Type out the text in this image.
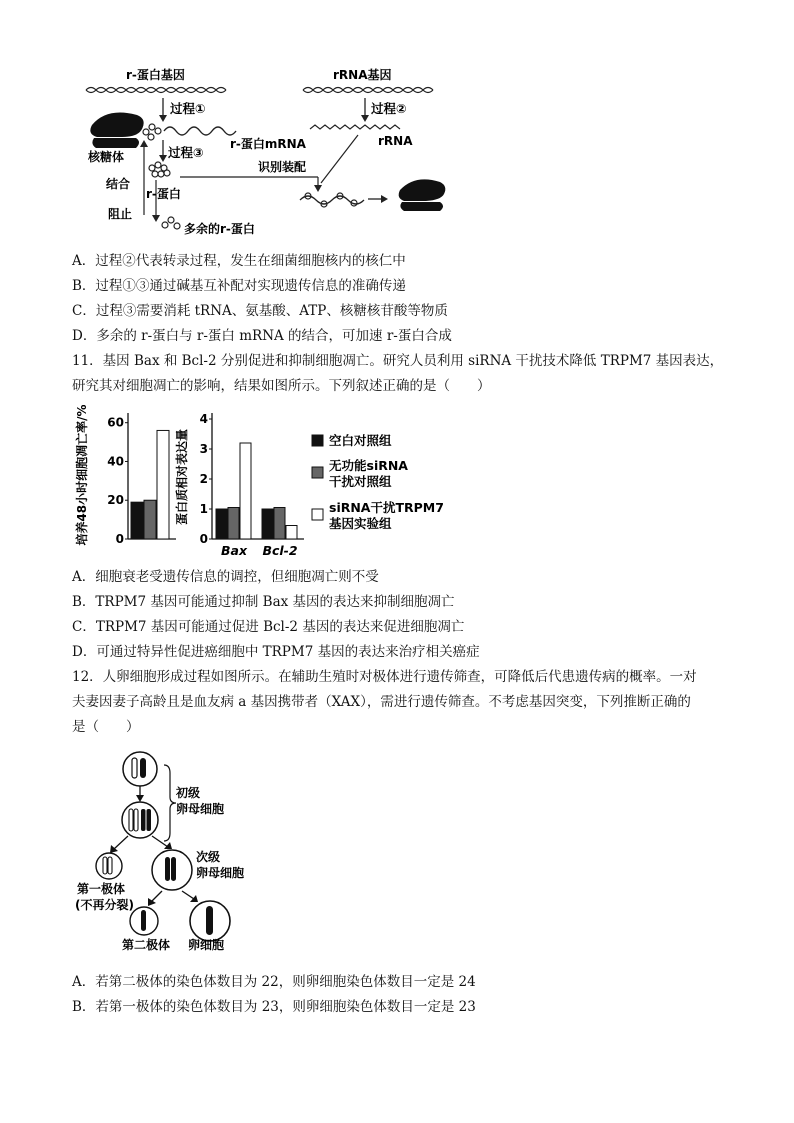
r-蛋白基因	rRNA基因
过程①	过程②
核糖体
r-蛋白mRNA	rRNA
过程③
识别装配
结合
r-蛋白
阻止
多余的r-蛋白
A．过程②代表转录过程，发生在细菌细胞核内的核仁中
B．过程①③通过碱基互补配对实现遗传信息的准确传递
C．过程③需要消耗 tRNA、氨基酸、ATP、核糖核苷酸等物质
D．多余的 r-蛋白与 r-蛋白 mRNA 的结合，可加速 r-蛋白合成
11．基因 Bax 和 Bcl-2 分别促进和抑制细胞凋亡。研究人员利用 siRNA 干扰技术降低 TRPM7 基因表达，
研究其对细胞凋亡的影响，结果如图所示。下列叙述正确的是（　　）
0
20
40
60
培养48小时细胞凋亡率/%	0
1
2
3
4
Bax Bcl-2
蛋白质相对表达量	空白对照组
无功能siRNA
干扰对照组
siRNA干扰TRPM7
基因实验组
A．细胞衰老受遗传信息的调控，但细胞凋亡则不受
B．TRPM7 基因可能通过抑制 Bax 基因的表达来抑制细胞凋亡
C．TRPM7 基因可能通过促进 Bcl-2 基因的表达来促进细胞凋亡
D．可通过特异性促进癌细胞中 TRPM7 基因的表达来治疗相关癌症
12．人卵细胞形成过程如图所示。在辅助生殖时对极体进行遗传筛查，可降低后代患遗传病的概率。一对
夫妻因妻子高龄且是血友病 a 基因携带者（XAX），需进行遗传筛查。不考虑基因突变，下列推断正确的
是（　　）
初级
卵母细胞
次级
卵母细胞
第一极体
(不再分裂)
第二极体 卵细胞
A．若第二极体的染色体数目为 22，则卵细胞染色体数目一定是 24
B．若第一极体的染色体数目为 23，则卵细胞染色体数目一定是 23
